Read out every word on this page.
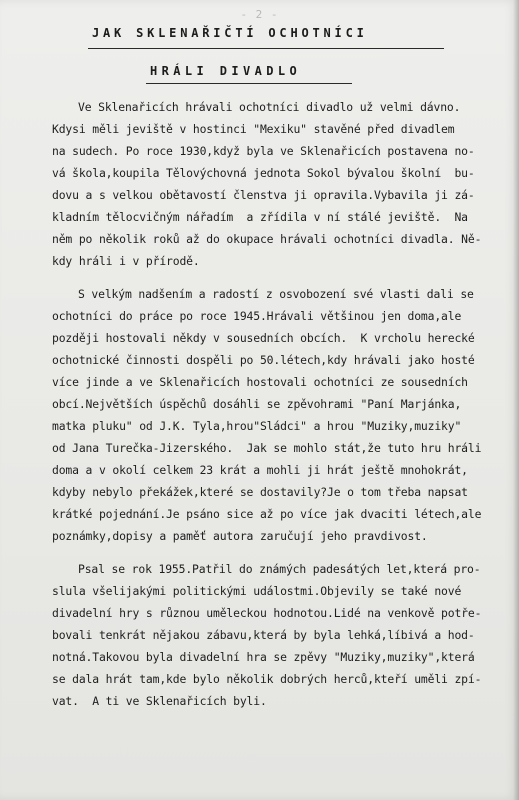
- 2 -
JAK SKLENAŘIČTÍ OCHOTNÍCI
HRÁLI DIVADLO
Ve Sklenařicích hrávali ochotníci divadlo už velmi dávno.
Kdysi měli jeviště v hostinci "Mexiku" stavěné před divadlem
na sudech. Po roce 1930,když byla ve Sklenařicích postavena no-
vá škola,koupila Tělovýchovná jednota Sokol bývalou školní  bu-
dovu a s velkou obětavostí členstva ji opravila.Vybavila ji zá-
kladním tělocvičným nářadím  a zřídila v ní stálé jeviště.  Na
něm po několik roků až do okupace hrávali ochotníci divadla. Ně-
kdy hráli i v přírodě.
S velkým nadšením a radostí z osvobození své vlasti dali se
ochotníci do práce po roce 1945.Hrávali většinou jen doma,ale
později hostovali někdy v sousedních obcích.  K vrcholu herecké
ochotnické činnosti dospěli po 50.létech,kdy hrávali jako hosté
více jinde a ve Sklenařicích hostovali ochotníci ze sousedních
obcí.Největších úspěchů dosáhli se zpěvohrami "Paní Marjánka,
matka pluku" od J.K. Tyla,hrou"Sládci" a hrou "Muziky,muziky"
od Jana Turečka-Jizerského.  Jak se mohlo stát,že tuto hru hráli
doma a v okolí celkem 23 krát a mohli ji hrát ještě mnohokrát,
kdyby nebylo překážek,které se dostavily?Je o tom třeba napsat
krátké pojednání.Je psáno sice až po více jak dvaciti létech,ale
poznámky,dopisy a paměť autora zaručují jeho pravdivost.
Psal se rok 1955.Patřil do známých padesátých let,která pro-
slula všelijakými politickými událostmi.Objevily se také nové
divadelní hry s různou uměleckou hodnotou.Lidé na venkově potře-
bovali tenkrát nějakou zábavu,která by byla lehká,líbivá a hod-
notná.Takovou byla divadelní hra se zpěvy "Muziky,muziky",která
se dala hrát tam,kde bylo několik dobrých herců,kteří uměli zpí-
vat.  A ti ve Sklenařicích byli.
